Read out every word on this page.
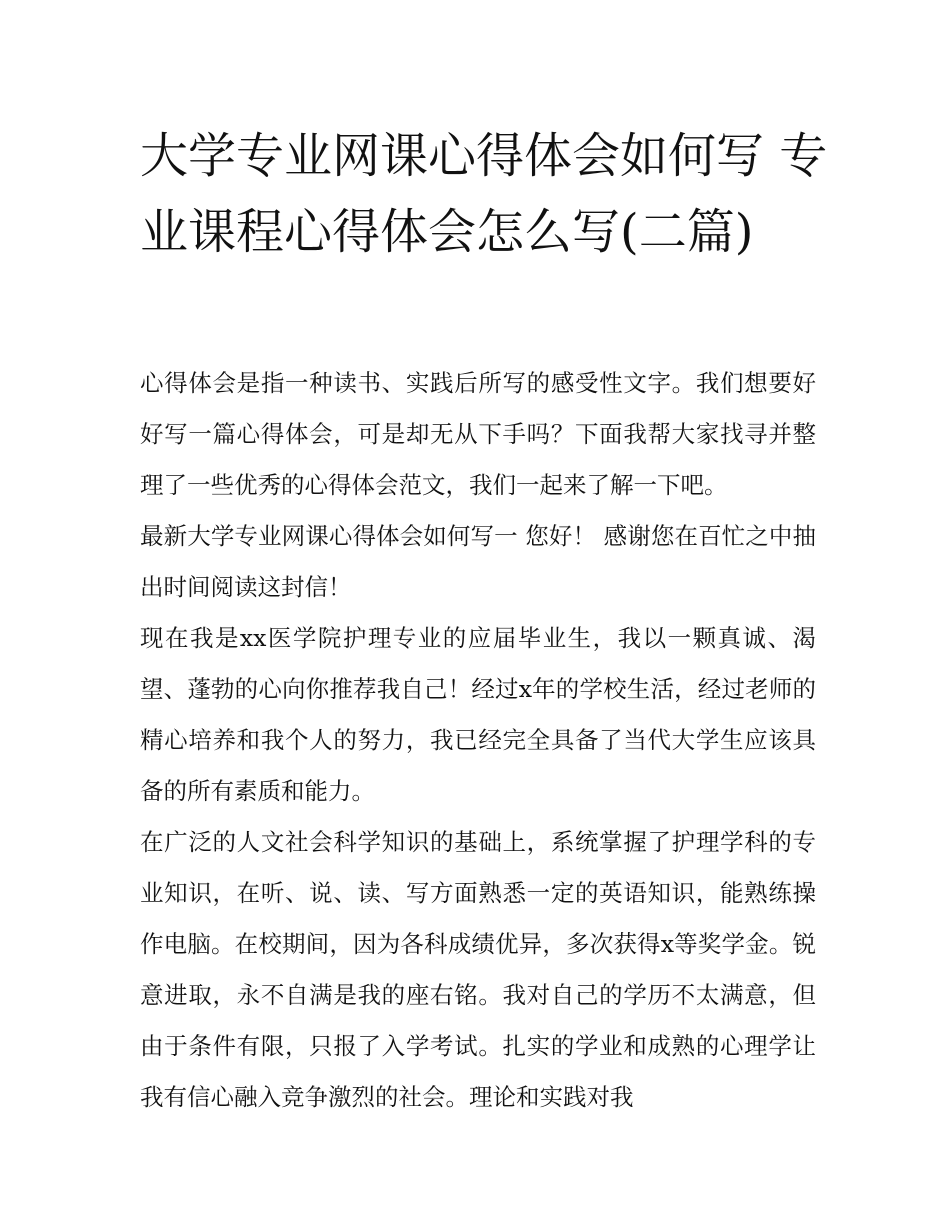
大学专业网课心得体会如何写 专业课程心得体会怎么写(二篇)

心得体会是指一种读书、实践后所写的感受性文字。我们想要好好写一篇心得体会，可是却无从下手吗？下面我帮大家找寻并整理了一些优秀的心得体会范文，我们一起来了解一下吧。

最新大学专业网课心得体会如何写一 您好！ 感谢您在百忙之中抽出时间阅读这封信！

现在我是xx医学院护理专业的应届毕业生，我以一颗真诚、渴望、蓬勃的心向你推荐我自己！经过x年的学校生活，经过老师的精心培养和我个人的努力，我已经完全具备了当代大学生应该具备的所有素质和能力。

在广泛的人文社会科学知识的基础上，系统掌握了护理学科的专业知识，在听、说、读、写方面熟悉一定的英语知识，能熟练操作电脑。在校期间，因为各科成绩优异，多次获得x等奖学金。锐意进取，永不自满是我的座右铭。我对自己的学历不太满意，但由于条件有限，只报了入学考试。扎实的学业和成熟的心理学让我有信心融入竞争激烈的社会。理论和实践对我
